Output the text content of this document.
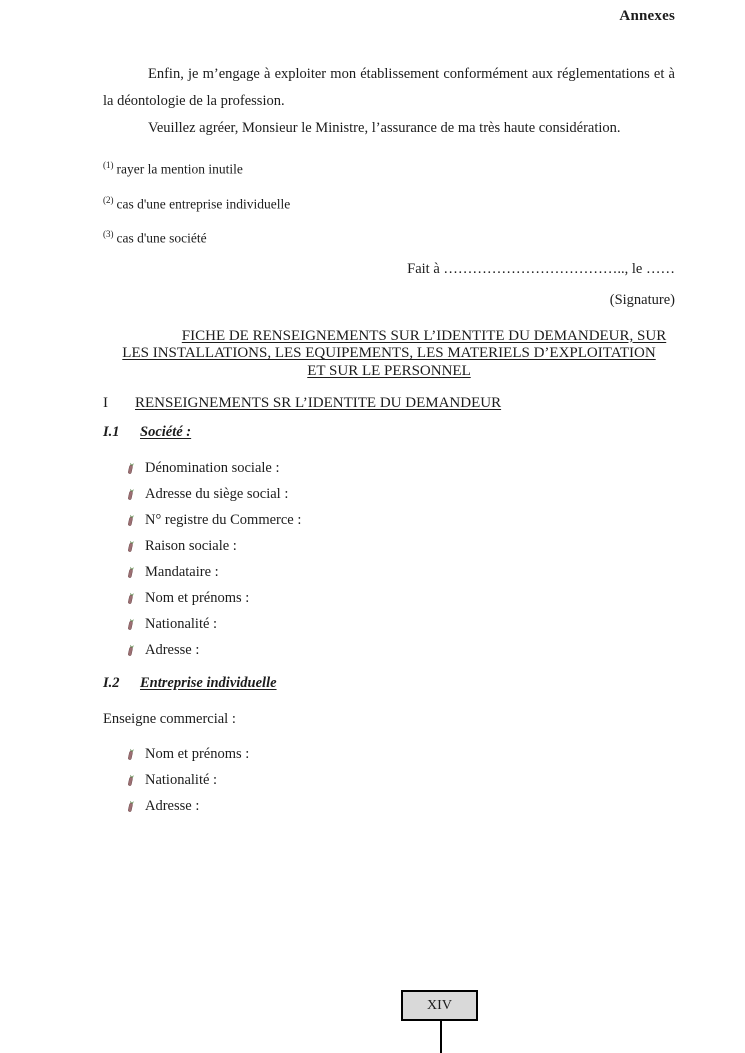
Annexes

Enfin, je m’engage à exploiter mon établissement conformément aux réglementations et à la déontologie de la profession.

Veuillez agréer, Monsieur le Ministre, l’assurance de ma très haute considération.

$^{(1)}$ rayer la mention inutile
$^{(2)}$ cas d'une entreprise individuelle
$^{(3)}$ cas d'une société
Fait à ……………………………….., le ……
(Signature)
FICHE DE RENSEIGNEMENTS SUR L’IDENTITE DU DEMANDEUR, SUR
LES INSTALLATIONS, LES EQUIPEMENTS, LES MATERIELS D’EXPLOITATION
ET SUR LE PERSONNEL
I	RENSEIGNEMENTS SR L’IDENTITE DU DEMANDEUR
I.1	Société :
Dénomination sociale :
Adresse du siège social :
N° registre du Commerce :
Raison sociale :
Mandataire :
Nom et prénoms :
Nationalité :
Adresse :
I.2	Entreprise individuelle
Enseigne commercial :
Nom et prénoms :
Nationalité :
Adresse :
XIV
